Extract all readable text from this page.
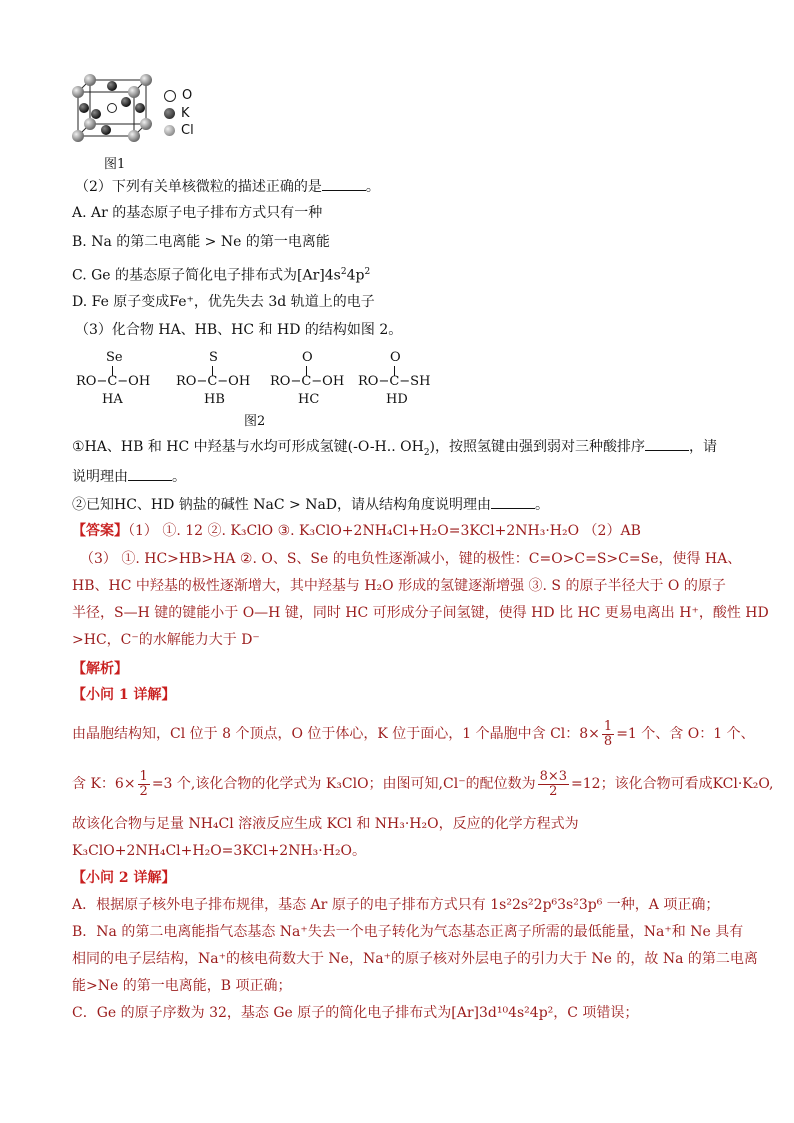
O
K
Cl
图1
（2）下列有关单核微粒的描述正确的是	。
A. Ar 的基态原子电子排布方式只有一种
B. Na 的第二电离能 > Ne 的第一电离能
C. Ge 的基态原子简化电子排布式为$[Ar]4s^24p^2$
D. Fe 原子变成Fe⁺，优先失去 3d 轨道上的电子
（3）化合物 HA、HB、HC 和 HD 的结构如图 2。
Se
RO−C−OH
HA
S
RO−C−OH
HB
O
RO−C−OH
HC
O
RO−C−SH
HD
图2
①HA、HB 和 HC 中羟基与水均可形成氢键(-O-H.. $OH_2$)，按照氢键由强到弱对三种酸排序	，请
说明理由	。
②已知HC、HD 钠盐的碱性 NaC > NaD，请从结构角度说明理由	。
【答案】（1） ①. 12 ②. K₃ClO ③. K₃ClO+2NH₄Cl+H₂O=3KCl+2NH₃·H₂O （2）AB
（3） ①. HC>HB>HA ②. O、S、Se 的电负性逐渐减小，键的极性：C=O>C=S>C=Se，使得 HA、
HB、HC 中羟基的极性逐渐增大，其中羟基与 H₂O 形成的氢键逐渐增强 ③. S 的原子半径大于 O 的原子
半径，S—H 键的键能小于 O—H 键，同时 HC 可形成分子间氢键，使得 HD 比 HC 更易电离出 H⁺，酸性 HD
>HC，C⁻的水解能力大于 D⁻
【解析】
【小问 1 详解】
由晶胞结构知，Cl 位于 8 个顶点，O 位于体心，K 位于面心，1 个晶胞中含 Cl：$8\times \frac{1}{8} =1$ 个、含 O：1 个、
含 K：$6\times \frac{1}{2} =3$ 个,该化合物的化学式为 K₃ClO；由图可知,Cl⁻的配位数为 $\frac{8\times 3}{2} =12$；该化合物可看成KCl·K₂O,
故该化合物与足量 NH₄Cl 溶液反应生成 KCl 和 NH₃·H₂O，反应的化学方程式为
K₃ClO+2NH₄Cl+H₂O=3KCl+2NH₃·H₂O。
【小问 2 详解】
A．根据原子核外电子排布规律，基态 Ar 原子的电子排布方式只有 1s²2s²2p⁶3s²3p⁶ 一种，A 项正确；
B．Na 的第二电离能指气态基态 Na⁺失去一个电子转化为气态基态正离子所需的最低能量，Na⁺和 Ne 具有
相同的电子层结构，Na⁺的核电荷数大于 Ne，Na⁺的原子核对外层电子的引力大于 Ne 的，故 Na 的第二电离
能>Ne 的第一电离能，B 项正确；
C．Ge 的原子序数为 32，基态 Ge 原子的简化电子排布式为[Ar]3d¹⁰4s²4p²，C 项错误；
